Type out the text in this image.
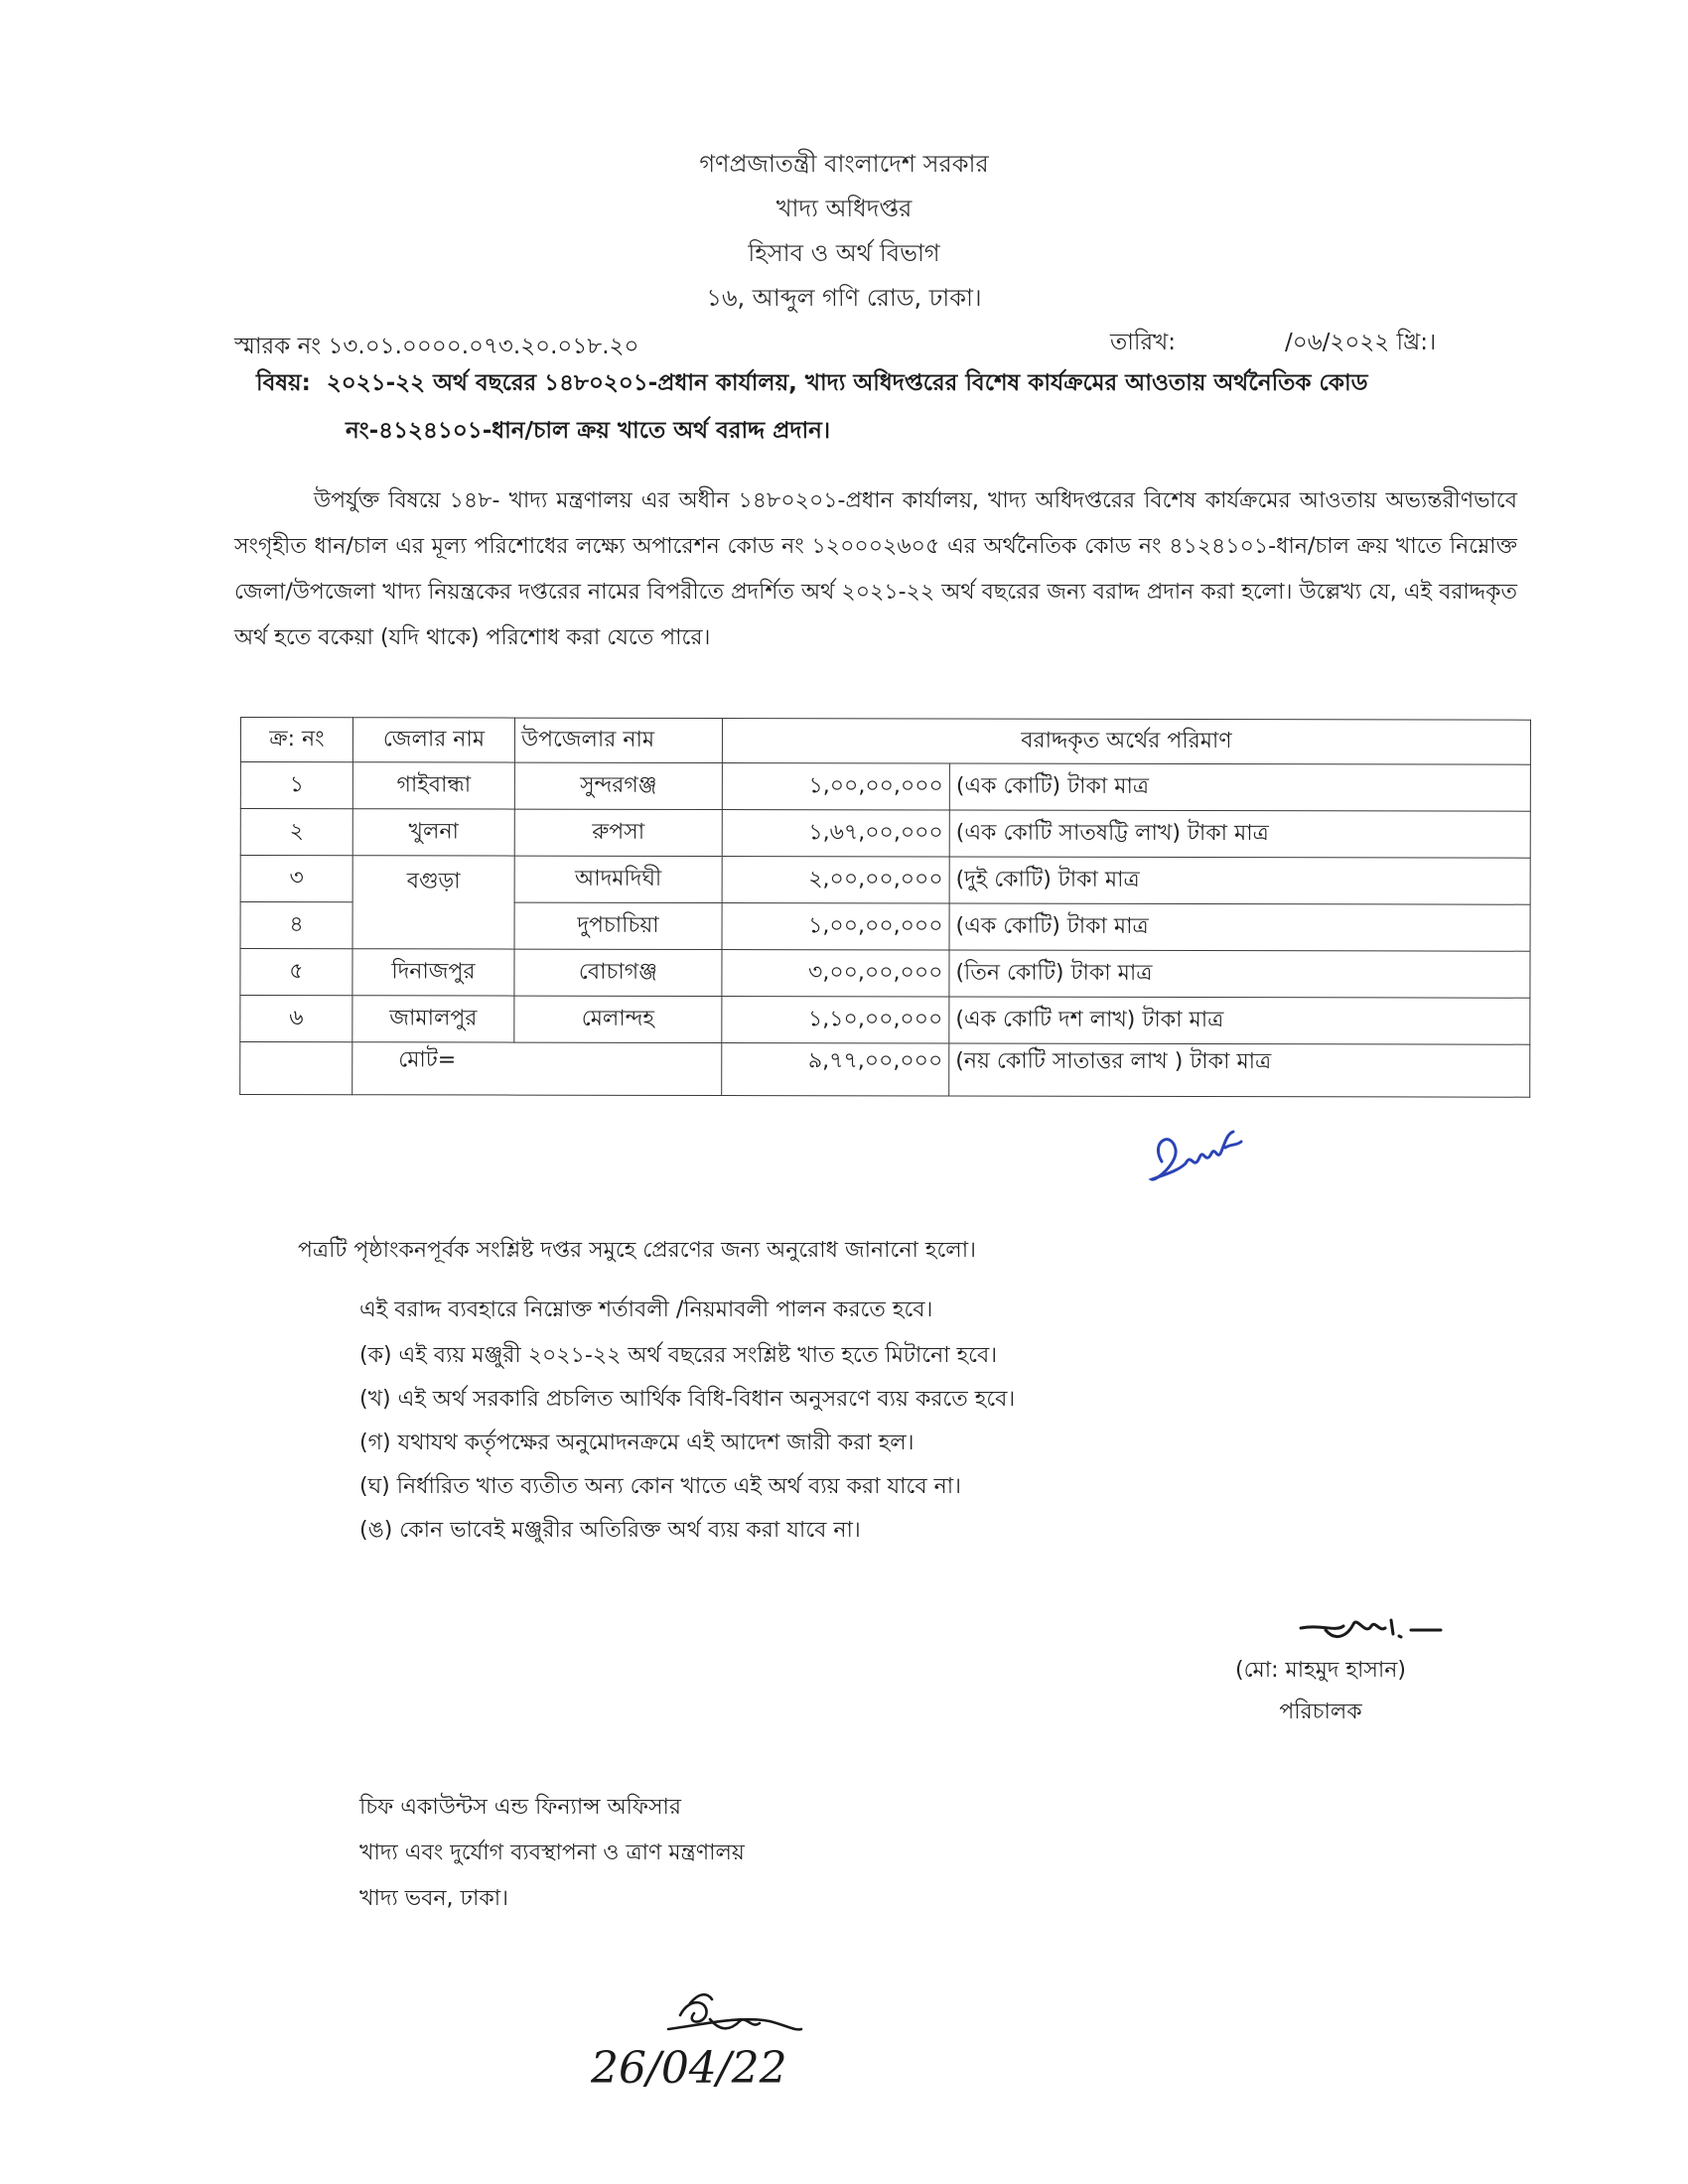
গণপ্রজাতন্ত্রী বাংলাদেশ সরকার
খাদ্য অধিদপ্তর
হিসাব ও অর্থ বিভাগ
১৬, আব্দুল গণি রোড, ঢাকা।
স্মারক নং ১৩.০১.০০০০.০৭৩.২০.০১৮.২০	তারিখ:	/০৬/২০২২ খ্রি:।
বিষয়: ২০২১-২২ অর্থ বছরের ১৪৮০২০১-প্রধান কার্যালয়, খাদ্য অধিদপ্তরের বিশেষ কার্যক্রমের আওতায় অর্থনৈতিক কোড
নং-৪১২৪১০১-ধান/চাল ক্রয় খাতে অর্থ বরাদ্দ প্রদান।
উপর্যুক্ত বিষয়ে ১৪৮- খাদ্য মন্ত্রণালয় এর অধীন ১৪৮০২০১-প্রধান কার্যালয়, খাদ্য অধিদপ্তরের বিশেষ কার্যক্রমের আওতায় অভ্যন্তরীণভাবে সংগৃহীত ধান/চাল এর মূল্য পরিশোধের লক্ষ্যে অপারেশন কোড নং ১২০০০২৬০৫ এর অর্থনৈতিক কোড নং ৪১২৪১০১-ধান/চাল ক্রয় খাতে নিম্নোক্ত জেলা/উপজেলা খাদ্য নিয়ন্ত্রকের দপ্তরের নামের বিপরীতে প্রদর্শিত অর্থ ২০২১-২২ অর্থ বছরের জন্য বরাদ্দ প্রদান করা হলো। উল্লেখ্য যে, এই বরাদ্দকৃত অর্থ হতে বকেয়া (যদি থাকে) পরিশোধ করা যেতে পারে।
ক্র: নং	জেলার নাম	উপজেলার নাম	বরাদ্দকৃত অর্থের পরিমাণ	
১	গাইবান্ধা	সুন্দরগঞ্জ	১,০০,০০,০০০	(এক কোটি) টাকা মাত্র
২	খুলনা	রুপসা	১,৬৭,০০,০০০	(এক কোটি সাতষট্টি লাখ) টাকা মাত্র
৩	বগুড়া	আদমদিঘী	২,০০,০০,০০০	(দুই কোটি) টাকা মাত্র
৪		দুপচাচিয়া	১,০০,০০,০০০	(এক কোটি) টাকা মাত্র
৫	দিনাজপুর	বোচাগঞ্জ	৩,০০,০০,০০০	(তিন কোটি) টাকা মাত্র
৬	জামালপুর	মেলান্দহ	১,১০,০০,০০০	(এক কোটি দশ লাখ) টাকা মাত্র
	মোট=		৯,৭৭,০০,০০০	(নয় কোটি সাতাত্তর লাখ ) টাকা মাত্র
পত্রটি পৃষ্ঠাংকনপূর্বক সংশ্লিষ্ট দপ্তর সমুহে প্রেরণের জন্য অনুরোধ জানানো হলো।
এই বরাদ্দ ব্যবহারে নিম্নোক্ত শর্তাবলী /নিয়মাবলী পালন করতে হবে।
(ক) এই ব্যয় মঞ্জুরী ২০২১-২২ অর্থ বছরের সংশ্লিষ্ট খাত হতে মিটানো হবে।
(খ) এই অর্থ সরকারি প্রচলিত আর্থিক বিধি-বিধান অনুসরণে ব্যয় করতে হবে।
(গ) যথাযথ কর্তৃপক্ষের অনুমোদনক্রমে এই আদেশ জারী করা হল।
(ঘ) নির্ধারিত খাত ব্যতীত অন্য কোন খাতে এই অর্থ ব্যয় করা যাবে না।
(ঙ) কোন ভাবেই মঞ্জুরীর অতিরিক্ত অর্থ ব্যয় করা যাবে না।
(মো: মাহমুদ হাসান)
পরিচালক
চিফ একাউন্টস এন্ড ফিন্যান্স অফিসার
খাদ্য এবং দুর্যোগ ব্যবস্থাপনা ও ত্রাণ মন্ত্রণালয়
খাদ্য ভবন, ঢাকা।
26/04/22
